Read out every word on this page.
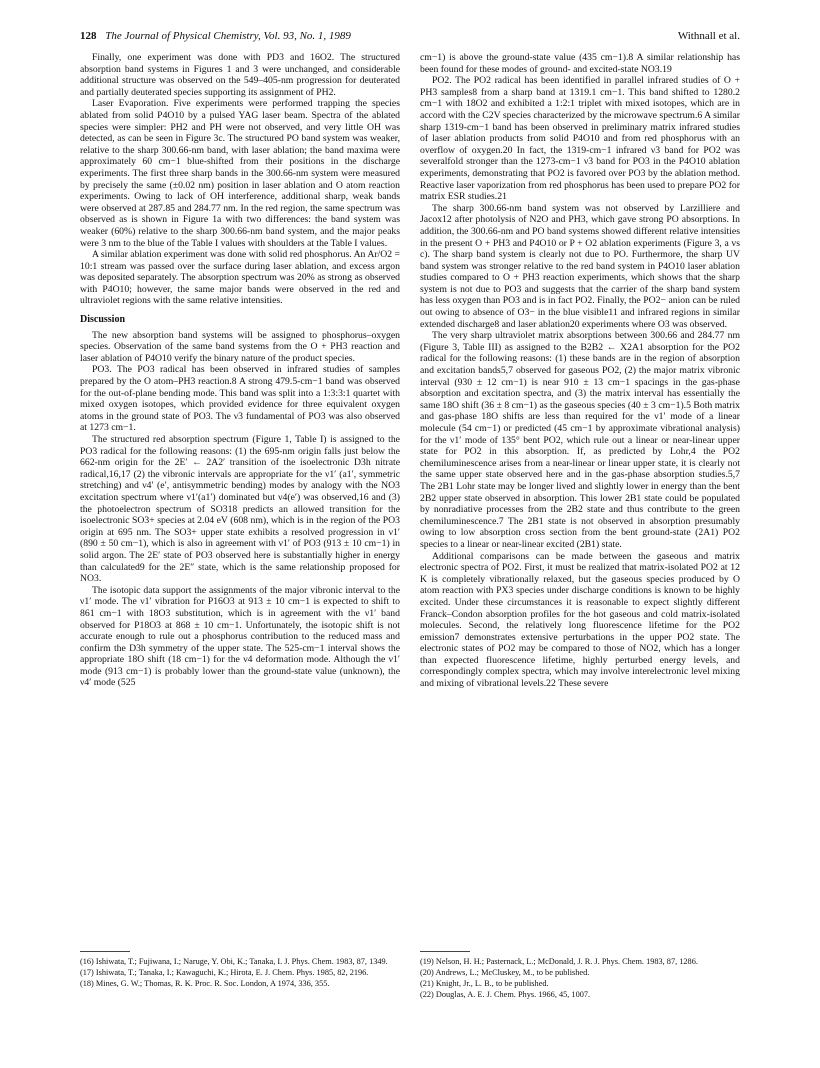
128 The Journal of Physical Chemistry, Vol. 93, No. 1, 1989	Withnall et al.

Finally, one experiment was done with PD3 and 16O2. The structured absorption band systems in Figures 1 and 3 were unchanged, and considerable additional structure was observed on the 549–405-nm progression for deuterated and partially deuterated species supporting its assignment of PH2.

Laser Evaporation. Five experiments were performed trapping the species ablated from solid P4O10 by a pulsed YAG laser beam. Spectra of the ablated species were simpler: PH2 and PH were not observed, and very little OH was detected, as can be seen in Figure 3c. The structured PO band system was weaker, relative to the sharp 300.66-nm band, with laser ablation; the band maxima were approximately 60 cm−1 blue-shifted from their positions in the discharge experiments. The first three sharp bands in the 300.66-nm system were measured by precisely the same (±0.02 nm) position in laser ablation and O atom reaction experiments. Owing to lack of OH interference, additional sharp, weak bands were observed at 287.85 and 284.77 nm. In the red region, the same spectrum was observed as is shown in Figure 1a with two differences: the band system was weaker (60%) relative to the sharp 300.66-nm band system, and the major peaks were 3 nm to the blue of the Table I values with shoulders at the Table I values.

A similar ablation experiment was done with solid red phosphorus. An Ar/O2 = 10:1 stream was passed over the surface during laser ablation, and excess argon was deposited separately. The absorption spectrum was 20% as strong as observed with P4O10; however, the same major bands were observed in the red and ultraviolet regions with the same relative intensities.

Discussion

The new absorption band systems will be assigned to phosphorus–oxygen species. Observation of the same band systems from the O + PH3 reaction and laser ablation of P4O10 verify the binary nature of the product species.

PO3. The PO3 radical has been observed in infrared studies of samples prepared by the O atom–PH3 reaction.8 A strong 479.5-cm−1 band was observed for the out-of-plane bending mode. This band was split into a 1:3:3:1 quartet with mixed oxygen isotopes, which provided evidence for three equivalent oxygen atoms in the ground state of PO3. The ν3 fundamental of PO3 was also observed at 1273 cm−1.

The structured red absorption spectrum (Figure 1, Table I) is assigned to the PO3 radical for the following reasons: (1) the 695-nm origin falls just below the 662-nm origin for the 2E′ ← 2A2′ transition of the isoelectronic D3h nitrate radical,16,17 (2) the vibronic intervals are appropriate for the ν1′ (a1′, symmetric stretching) and ν4′ (e′, antisymmetric bending) modes by analogy with the NO3 excitation spectrum where ν1′(a1′) dominated but ν4(e′) was observed,16 and (3) the photoelectron spectrum of SO318 predicts an allowed transition for the isoelectronic SO3+ species at 2.04 eV (608 nm), which is in the region of the PO3 origin at 695 nm. The SO3+ upper state exhibits a resolved progression in ν1′ (890 ± 50 cm−1), which is also in agreement with ν1′ of PO3 (913 ± 10 cm−1) in solid argon. The 2E′ state of PO3 observed here is substantially higher in energy than calculated9 for the 2E″ state, which is the same relationship proposed for NO3.

The isotopic data support the assignments of the major vibronic interval to the ν1′ mode. The ν1′ vibration for P16O3 at 913 ± 10 cm−1 is expected to shift to 861 cm−1 with 18O3 substitution, which is in agreement with the ν1′ band observed for P18O3 at 868 ± 10 cm−1. Unfortunately, the isotopic shift is not accurate enough to rule out a phosphorus contribution to the reduced mass and confirm the D3h symmetry of the upper state. The 525-cm−1 interval shows the appropriate 18O shift (18 cm−1) for the ν4 deformation mode. Although the ν1′ mode (913 cm−1) is probably lower than the ground-state value (unknown), the ν4′ mode (525

cm−1) is above the ground-state value (435 cm−1).8 A similar relationship has been found for these modes of ground- and excited-state NO3.19

PO2. The PO2 radical has been identified in parallel infrared studies of O + PH3 samples8 from a sharp band at 1319.1 cm−1. This band shifted to 1280.2 cm−1 with 18O2 and exhibited a 1:2:1 triplet with mixed isotopes, which are in accord with the C2V species characterized by the microwave spectrum.6 A similar sharp 1319-cm−1 band has been observed in preliminary matrix infrared studies of laser ablation products from solid P4O10 and from red phosphorus with an overflow of oxygen.20 In fact, the 1319-cm−1 infrared ν3 band for PO2 was severalfold stronger than the 1273-cm−1 ν3 band for PO3 in the P4O10 ablation experiments, demonstrating that PO2 is favored over PO3 by the ablation method. Reactive laser vaporization from red phosphorus has been used to prepare PO2 for matrix ESR studies.21

The sharp 300.66-nm band system was not observed by Larzilliere and Jacox12 after photolysis of N2O and PH3, which gave strong PO absorptions. In addition, the 300.66-nm and PO band systems showed different relative intensities in the present O + PH3 and P4O10 or P + O2 ablation experiments (Figure 3, a vs c). The sharp band system is clearly not due to PO. Furthermore, the sharp UV band system was stronger relative to the red band system in P4O10 laser ablation studies compared to O + PH3 reaction experiments, which shows that the sharp system is not due to PO3 and suggests that the carrier of the sharp band system has less oxygen than PO3 and is in fact PO2. Finally, the PO2− anion can be ruled out owing to absence of O3− in the blue visible11 and infrared regions in similar extended discharge8 and laser ablation20 experiments where O3 was observed.

The very sharp ultraviolet matrix absorptions between 300.66 and 284.77 nm (Figure 3, Table III) as assigned to the B2B2 ← X2A1 absorption for the PO2 radical for the following reasons: (1) these bands are in the region of absorption and excitation bands5,7 observed for gaseous PO2, (2) the major matrix vibronic interval (930 ± 12 cm−1) is near 910 ± 13 cm−1 spacings in the gas-phase absorption and excitation spectra, and (3) the matrix interval has essentially the same 18O shift (36 ± 8 cm−1) as the gaseous species (40 ± 3 cm−1).5 Both matrix and gas-phase 18O shifts are less than required for the ν1′ mode of a linear molecule (54 cm−1) or predicted (45 cm−1 by approximate vibrational analysis) for the ν1′ mode of 135° bent PO2, which rule out a linear or near-linear upper state for PO2 in this absorption. If, as predicted by Lohr,4 the PO2 chemiluminescence arises from a near-linear or linear upper state, it is clearly not the same upper state observed here and in the gas-phase absorption studies.5,7 The 2B1 Lohr state may be longer lived and slightly lower in energy than the bent 2B2 upper state observed in absorption. This lower 2B1 state could be populated by nonradiative processes from the 2B2 state and thus contribute to the green chemiluminescence.7 The 2B1 state is not observed in absorption presumably owing to low absorption cross section from the bent ground-state (2A1) PO2 species to a linear or near-linear excited (2B1) state.

Additional comparisons can be made between the gaseous and matrix electronic spectra of PO2. First, it must be realized that matrix-isolated PO2 at 12 K is completely vibrationally relaxed, but the gaseous species produced by O atom reaction with PX3 species under discharge conditions is known to be highly excited. Under these circumstances it is reasonable to expect slightly different Franck–Condon absorption profiles for the hot gaseous and cold matrix-isolated molecules. Second, the relatively long fluorescence lifetime for the PO2 emission7 demonstrates extensive perturbations in the upper PO2 state. The electronic states of PO2 may be compared to those of NO2, which has a longer than expected fluorescence lifetime, highly perturbed energy levels, and correspondingly complex spectra, which may involve interelectronic level mixing and mixing of vibrational levels.22 These severe

(16) Ishiwata, T.; Fujiwana, I.; Naruge, Y. Obi, K.; Tanaka, I. J. Phys. Chem. 1983, 87, 1349.
(17) Ishiwata, T.; Tanaka, I.; Kawaguchi, K.; Hirota, E. J. Chem. Phys. 1985, 82, 2196.
(18) Mines, G. W.; Thomas, R. K. Proc. R. Soc. London, A 1974, 336, 355.
(19) Nelson, H. H.; Pasternack, L.; McDonald, J. R. J. Phys. Chem. 1983, 87, 1286.
(20) Andrews, L.; McCluskey, M., to be published.
(21) Knight, Jr., L. B., to be published.
(22) Douglas, A. E. J. Chem. Phys. 1966, 45, 1007.
